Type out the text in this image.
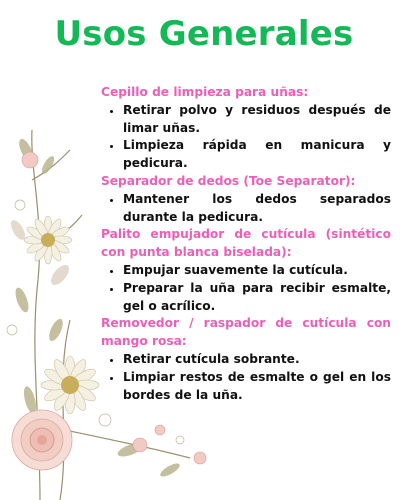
Usos Generales
Cepillo de limpieza para uñas:
• Retirar polvo y residuos después de limar uñas.
• Limpieza rápida en manicura y pedicura.
Separador de dedos (Toe Separator):
• Mantener los dedos separados durante la pedicura.
Palito empujador de cutícula (sintético con punta blanca biselada):
• Empujar suavemente la cutícula.
• Preparar la uña para recibir esmalte, gel o acrílico.
Removedor / raspador de cutícula con mango rosa:
• Retirar cutícula sobrante.
• Limpiar restos de esmalte o gel en los bordes de la uña.
